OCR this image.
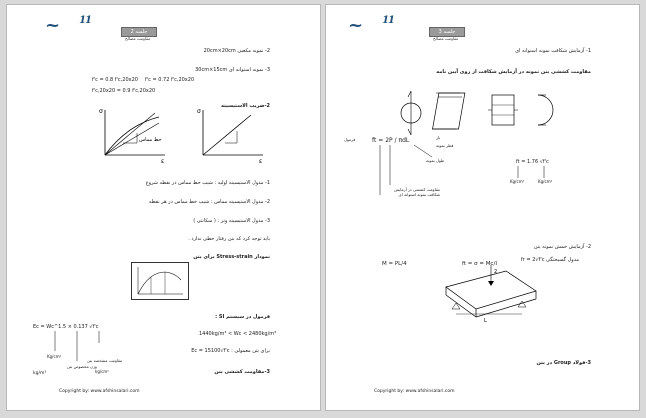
~ 11
جلسه 2
مقاومت مصالح
2- نمونه مکعبی 20cm×20cm
3- نمونه استوانه ای 30cm×15cm
f'c = 0.8 f'c,20x20 f'c = 0.72 f'c,20x20
f'c,20x20 = 0.9 f'c,20x20
2-ضریب الاستیسیته
σ
ε
خط مماس
σ
ε
1- مدول الاستیسیته اولیه : شیب خط مماس در نقطه شروع
2- مدول الاستیسیته مماس : شیب خط مماس در هر نقطه
3- مدول الاستیسیته وتر : ( سکانتی )
باید توجه کرد که بتن رفتار خطی ندارد .
نمودار Stress-strain برای بتن
فرمول در سیستم SI :
Ec = Wc^1.5 × 0.137 √f'c
1440kg/m³ < Wc < 2480kg/m³
برای بتن معمولی : Ec = 15100√f'c
Kg/cm²
وزن مخصوص بتن
kg/m³
مقاومت مشخصه بتن
kg/cm²	3-مقاومت کششی بتن
Copyright by: www.afshinsalari.com
~ 11
جلسه 3
مقاومت مصالح
1- آزمایش شکافت نمونه استوانه ای
مقاومت کششی بتن نمونه در آزمایش شکافت از روی آیین نامه
ft = 2P / πdL	بار
قطر نمونه
فرمول
طول نمونه
مقاومت کششی در آزمایش شکافت نمونه استوانه ای
ft = 1.76 √f'c
Kg/cm²	Kg/cm²
2- آزمایش خمش نمونه بتن
M = PL/4	ft = σ = Mc/I
مدول گسیختگی fr = 2√f'c
2
L
3-فولاد Group در بتن
Copyright by: www.afshinsalari.com
